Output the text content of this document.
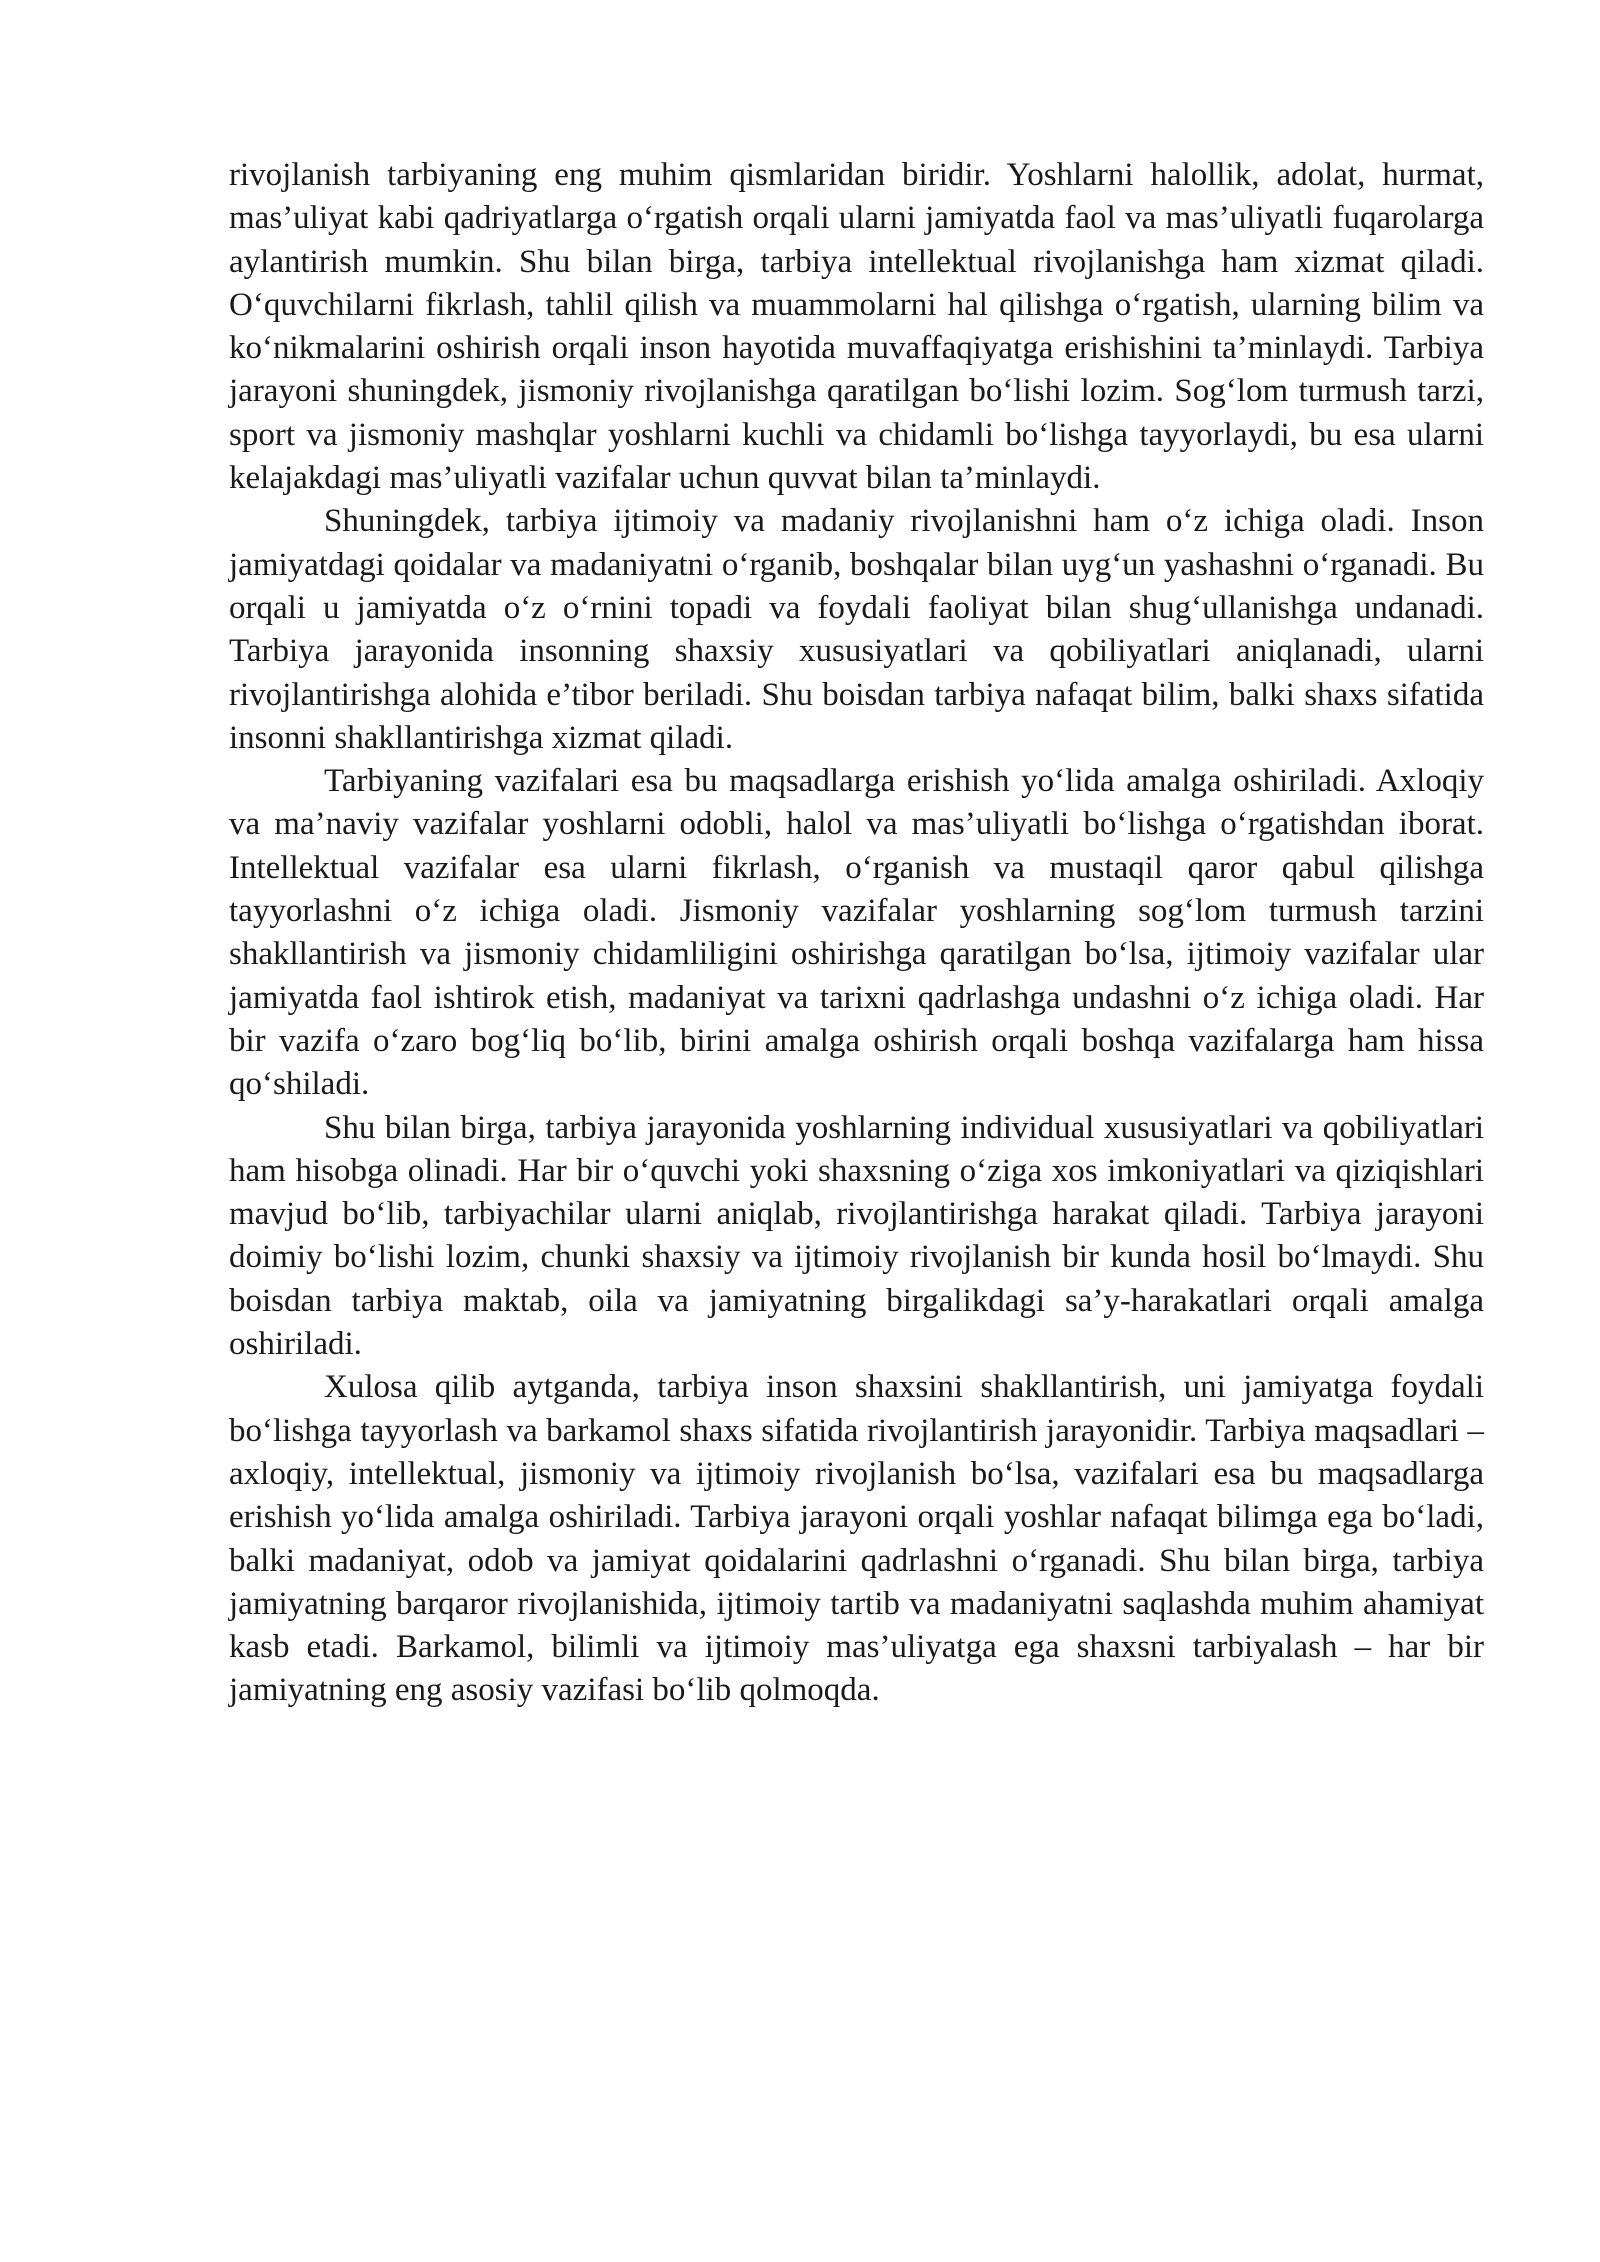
rivojlanish tarbiyaning eng muhim qismlaridan biridir. Yoshlarni halollik, adolat, hurmat, mas’uliyat kabi qadriyatlarga o‘rgatish orqali ularni jamiyatda faol va mas’uliyatli fuqarolarga aylantirish mumkin. Shu bilan birga, tarbiya intellektual rivojlanishga ham xizmat qiladi. O‘quvchilarni fikrlash, tahlil qilish va muammolarni hal qilishga o‘rgatish, ularning bilim va ko‘nikmalarini oshirish orqali inson hayotida muvaffaqiyatga erishishini ta’minlaydi. Tarbiya jarayoni shuningdek, jismoniy rivojlanishga qaratilgan bo‘lishi lozim. Sog‘lom turmush tarzi, sport va jismoniy mashqlar yoshlarni kuchli va chidamli bo‘lishga tayyorlaydi, bu esa ularni kelajakdagi mas’uliyatli vazifalar uchun quvvat bilan ta’minlaydi.

Shuningdek, tarbiya ijtimoiy va madaniy rivojlanishni ham o‘z ichiga oladi. Inson jamiyatdagi qoidalar va madaniyatni o‘rganib, boshqalar bilan uyg‘un yashashni o‘rganadi. Bu orqali u jamiyatda o‘z o‘rnini topadi va foydali faoliyat bilan shug‘ullanishga undanadi. Tarbiya jarayonida insonning shaxsiy xususiyatlari va qobiliyatlari aniqlanadi, ularni rivojlantirishga alohida e’tibor beriladi. Shu boisdan tarbiya nafaqat bilim, balki shaxs sifatida insonni shakllantirishga xizmat qiladi.

Tarbiyaning vazifalari esa bu maqsadlarga erishish yo‘lida amalga oshiriladi. Axloqiy va ma’naviy vazifalar yoshlarni odobli, halol va mas’uliyatli bo‘lishga o‘rgatishdan iborat. Intellektual vazifalar esa ularni fikrlash, o‘rganish va mustaqil qaror qabul qilishga tayyorlashni o‘z ichiga oladi. Jismoniy vazifalar yoshlarning sog‘lom turmush tarzini shakllantirish va jismoniy chidamliligini oshirishga qaratilgan bo‘lsa, ijtimoiy vazifalar ular jamiyatda faol ishtirok etish, madaniyat va tarixni qadrlashga undashni o‘z ichiga oladi. Har bir vazifa o‘zaro bog‘liq bo‘lib, birini amalga oshirish orqali boshqa vazifalarga ham hissa qo‘shiladi.

Shu bilan birga, tarbiya jarayonida yoshlarning individual xususiyatlari va qobiliyatlari ham hisobga olinadi. Har bir o‘quvchi yoki shaxsning o‘ziga xos imkoniyatlari va qiziqishlari mavjud bo‘lib, tarbiyachilar ularni aniqlab, rivojlantirishga harakat qiladi. Tarbiya jarayoni doimiy bo‘lishi lozim, chunki shaxsiy va ijtimoiy rivojlanish bir kunda hosil bo‘lmaydi. Shu boisdan tarbiya maktab, oila va jamiyatning birgalikdagi sa’y-harakatlari orqali amalga oshiriladi.

Xulosa qilib aytganda, tarbiya inson shaxsini shakllantirish, uni jamiyatga foydali bo‘lishga tayyorlash va barkamol shaxs sifatida rivojlantirish jarayonidir. Tarbiya maqsadlari – axloqiy, intellektual, jismoniy va ijtimoiy rivojlanish bo‘lsa, vazifalari esa bu maqsadlarga erishish yo‘lida amalga oshiriladi. Tarbiya jarayoni orqali yoshlar nafaqat bilimga ega bo‘ladi, balki madaniyat, odob va jamiyat qoidalarini qadrlashni o‘rganadi. Shu bilan birga, tarbiya jamiyatning barqaror rivojlanishida, ijtimoiy tartib va madaniyatni saqlashda muhim ahamiyat kasb etadi. Barkamol, bilimli va ijtimoiy mas’uliyatga ega shaxsni tarbiyalash – har bir jamiyatning eng asosiy vazifasi bo‘lib qolmoqda.
